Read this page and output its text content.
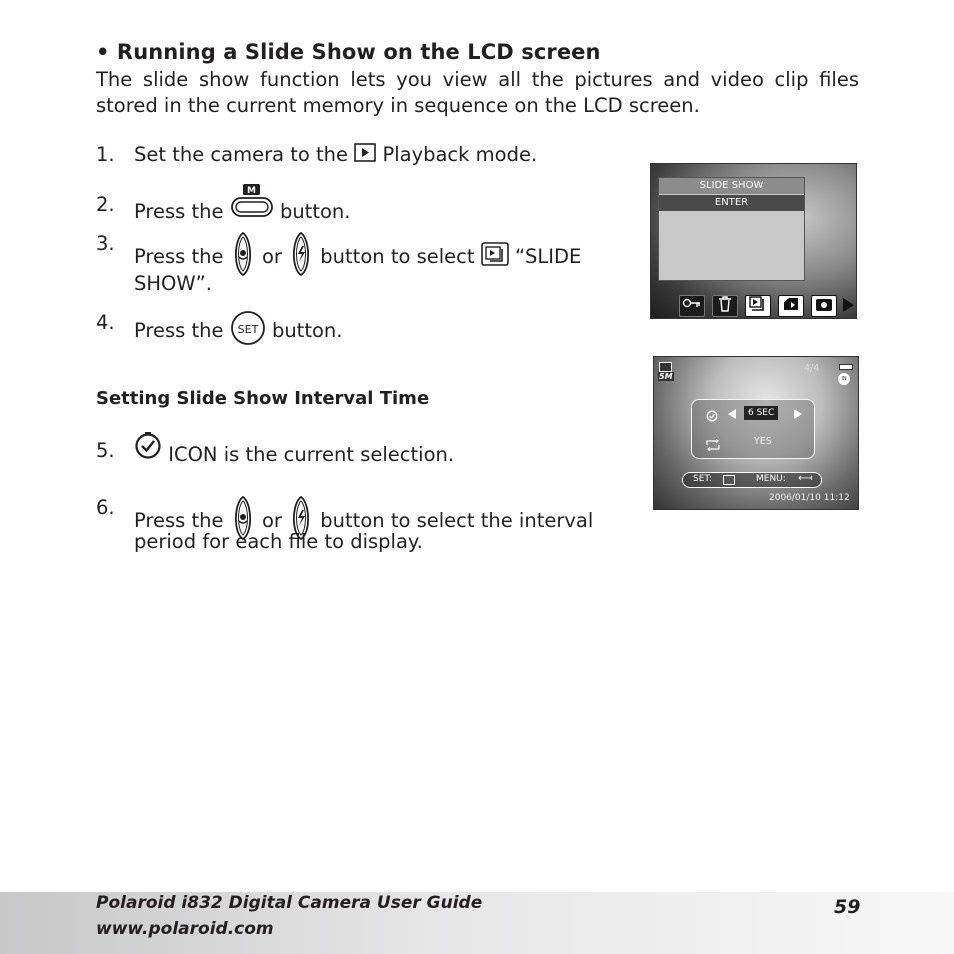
• Running a Slide Show on the LCD screen
The slide show function lets you view all the pictures and video clip files stored in the current memory in sequence on the LCD screen.
1. Set the camera to the Playback mode.
2. Press the
M
button.
3.
Press the or button to select “SLIDE
SHOW”.
4. Press the SET button.
Setting Slide Show Interval Time
5.	ICON is the current selection.
6.
Press the or button to select the interval
period for each file to display.
SLIDE SHOW
ENTER
5M
4/4
IN
6 SEC
YES
SET:	MENU: ⟻
2006/01/10 11:12
Polaroid i832 Digital Camera User Guide
www.polaroid.com
59
